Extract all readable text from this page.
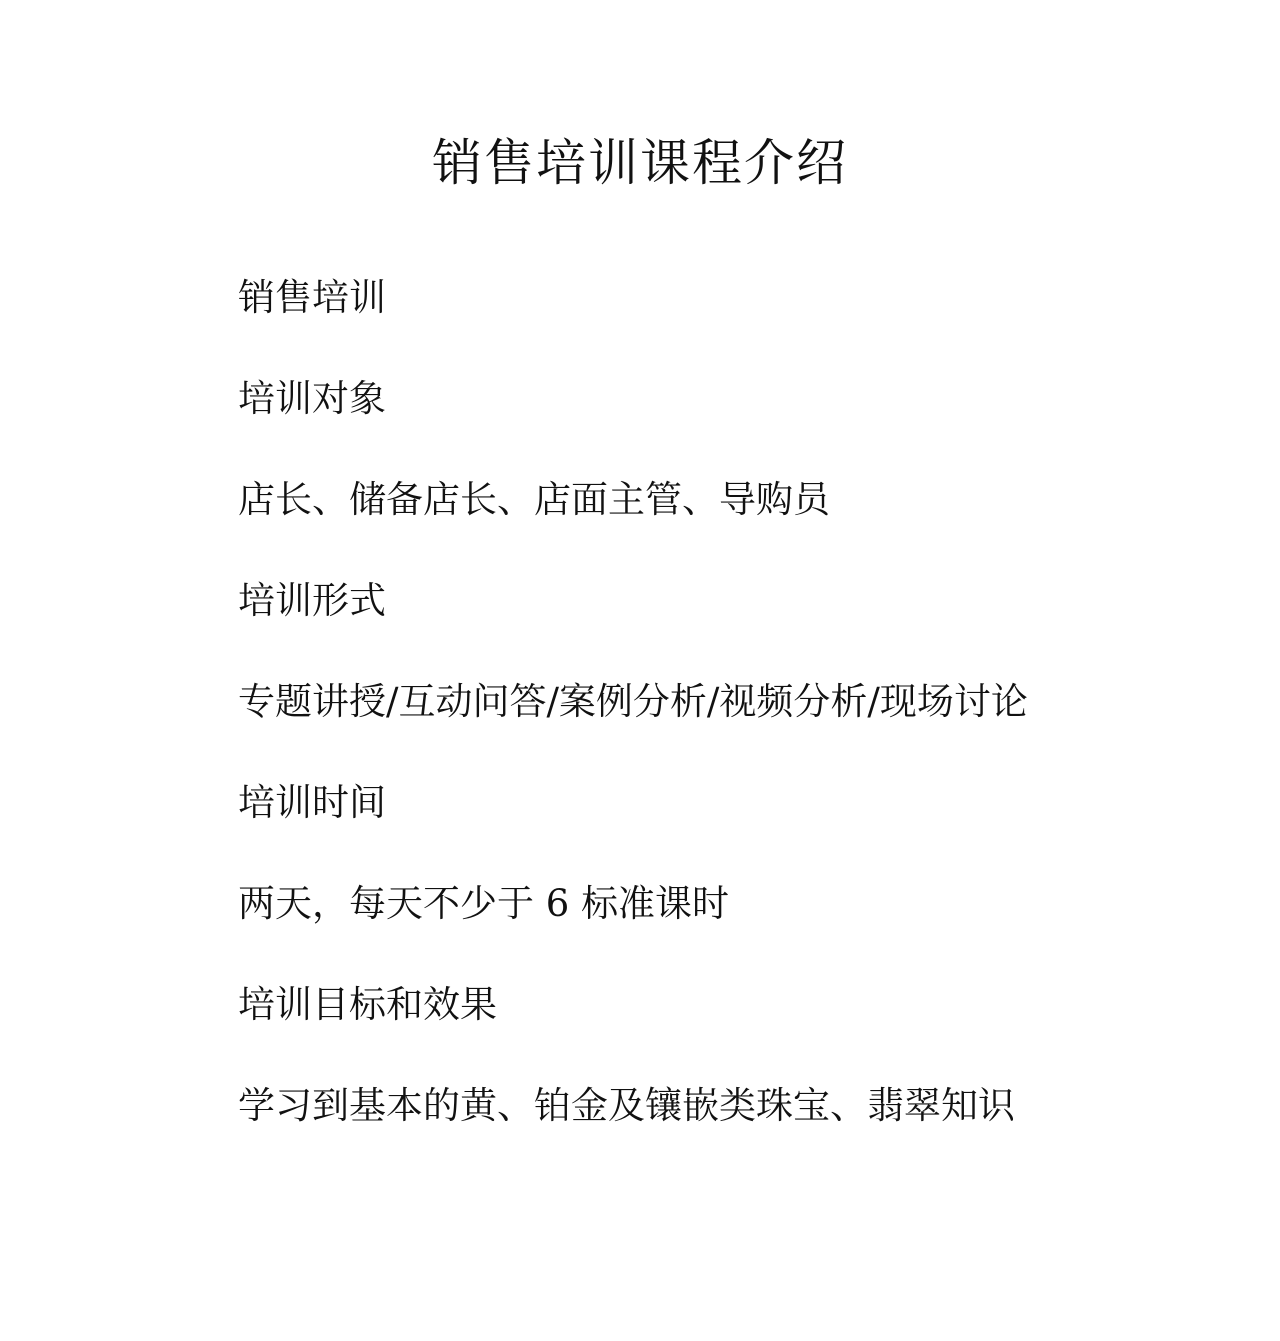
销售培训课程介绍

销售培训

培训对象

店长、储备店长、店面主管、导购员

培训形式

专题讲授/互动问答/案例分析/视频分析/现场讨论

培训时间

两天，每天不少于 6 标准课时

培训目标和效果

学习到基本的黄、铂金及镶嵌类珠宝、翡翠知识
